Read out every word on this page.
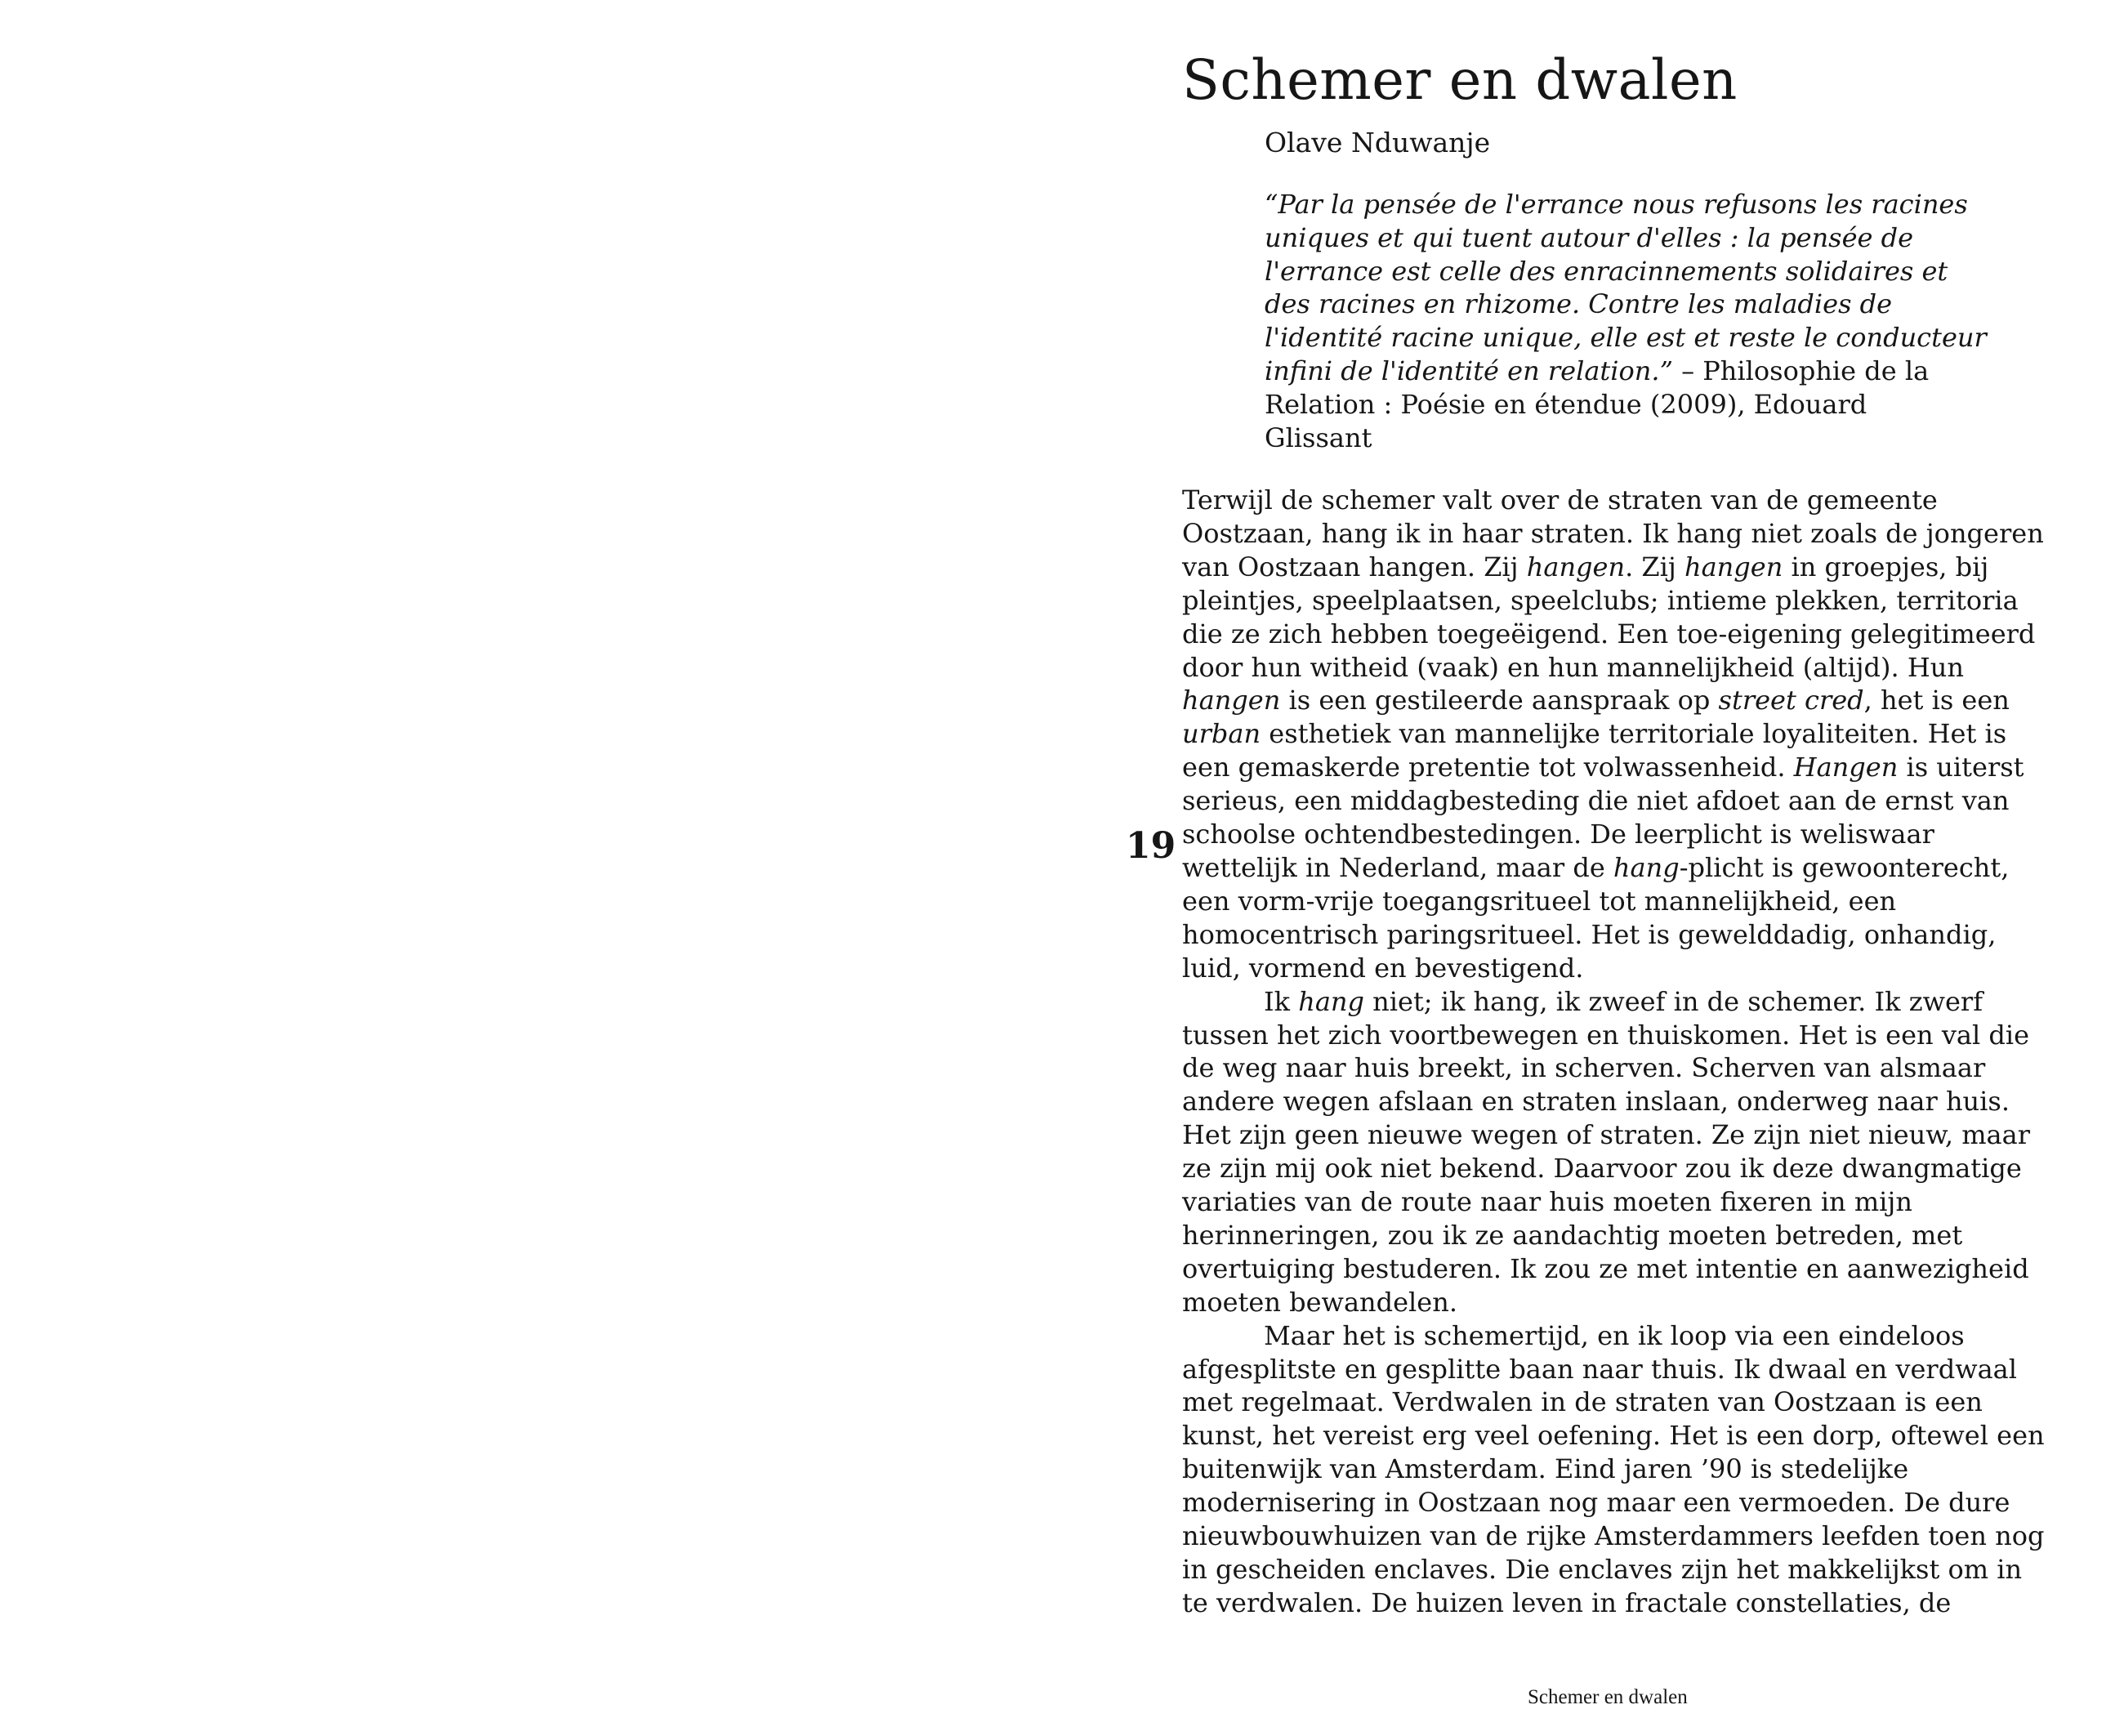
Schemer en dwalen
Olave Nduwanje
“Par la pensée de l'errance nous refusons les racines
uniques et qui tuent autour d'elles : la pensée de
l'errance est celle des enracinnements solidaires et
des racines en rhizome. Contre les maladies de
l'identité racine unique, elle est et reste le conducteur
infini de l'identité en relation.” – Philosophie de la
Relation : Poésie en étendue (2009), Edouard
Glissant
19
Terwijl de schemer valt over de straten van de gemeente
Oostzaan, hang ik in haar straten. Ik hang niet zoals de jongeren
van Oostzaan hangen. Zij hangen. Zij hangen in groepjes, bij
pleintjes, speelplaatsen, speelclubs; intieme plekken, territoria
die ze zich hebben toegeëigend. Een toe-eigening gelegitimeerd
door hun witheid (vaak) en hun mannelijkheid (altijd). Hun
hangen is een gestileerde aanspraak op street cred, het is een
urban esthetiek van mannelijke territoriale loyaliteiten. Het is
een gemaskerde pretentie tot volwassenheid. Hangen is uiterst
serieus, een middagbesteding die niet afdoet aan de ernst van
schoolse ochtendbestedingen. De leerplicht is weliswaar
wettelijk in Nederland, maar de hang-plicht is gewoonterecht,
een vorm-vrije toegangsritueel tot mannelijkheid, een
homocentrisch paringsritueel. Het is gewelddadig, onhandig,
luid, vormend en bevestigend.
Ik hang niet; ik hang, ik zweef in de schemer. Ik zwerf
tussen het zich voortbewegen en thuiskomen. Het is een val die
de weg naar huis breekt, in scherven. Scherven van alsmaar
andere wegen afslaan en straten inslaan, onderweg naar huis.
Het zijn geen nieuwe wegen of straten. Ze zijn niet nieuw, maar
ze zijn mij ook niet bekend. Daarvoor zou ik deze dwangmatige
variaties van de route naar huis moeten fixeren in mijn
herinneringen, zou ik ze aandachtig moeten betreden, met
overtuiging bestuderen. Ik zou ze met intentie en aanwezigheid
moeten bewandelen.
Maar het is schemertijd, en ik loop via een eindeloos
afgesplitste en gesplitte baan naar thuis. Ik dwaal en verdwaal
met regelmaat. Verdwalen in de straten van Oostzaan is een
kunst, het vereist erg veel oefening. Het is een dorp, oftewel een
buitenwijk van Amsterdam. Eind jaren ’90 is stedelijke
modernisering in Oostzaan nog maar een vermoeden. De dure
nieuwbouwhuizen van de rijke Amsterdammers leefden toen nog
in gescheiden enclaves. Die enclaves zijn het makkelijkst om in
te verdwalen. De huizen leven in fractale constellaties, de
Schemer en dwalen
